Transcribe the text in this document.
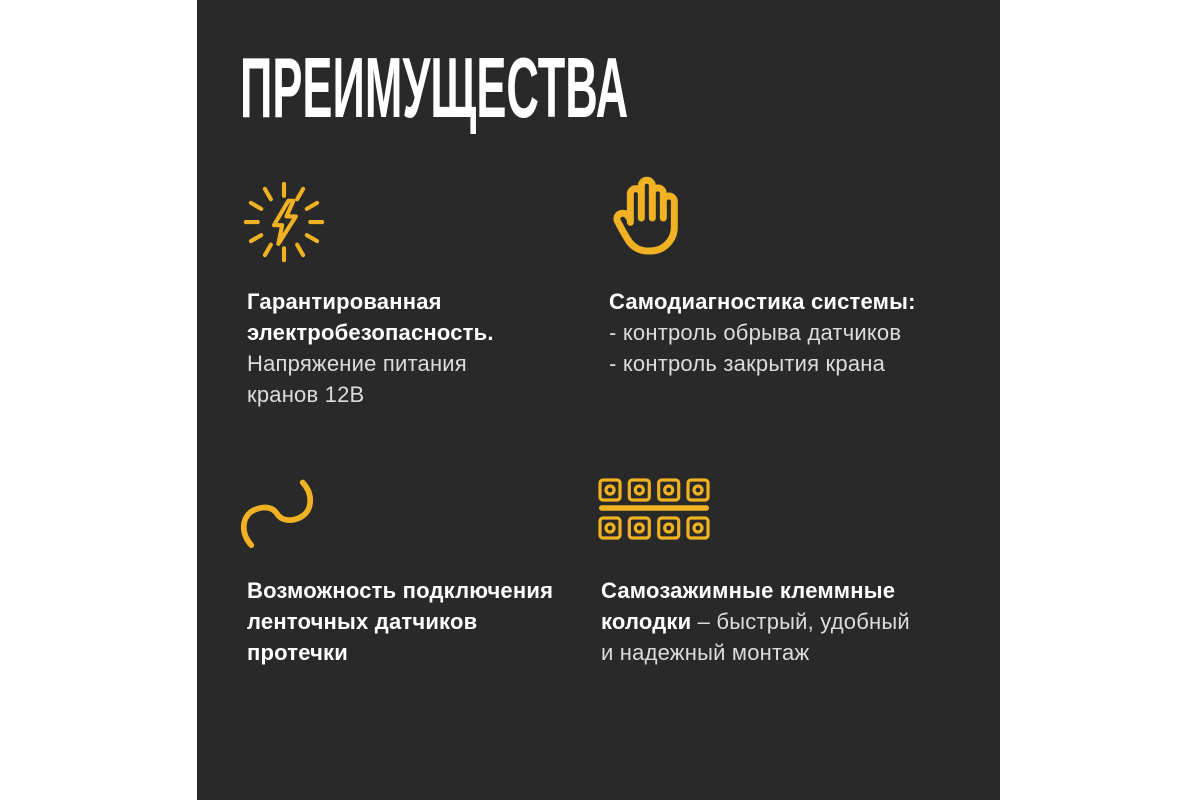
ПРЕИМУЩЕСТВА
Гарантированная
электробезопасность.
Напряжение питания
кранов 12В
Самодиагностика системы:
- контроль обрыва датчиков
- контроль закрытия крана
Возможность подключения
ленточных датчиков
протечки
Самозажимные клеммные
колодки – быстрый, удобный
и надежный монтаж
